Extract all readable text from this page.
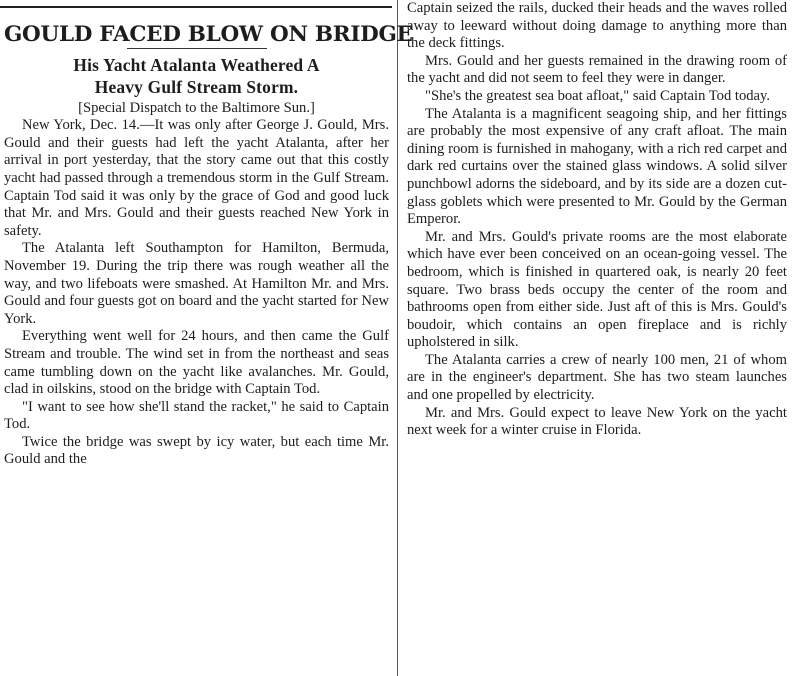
GOULD FACED BLOW ON BRIDGE
His Yacht Atalanta Weathered A
Heavy Gulf Stream Storm.
[Special Dispatch to the Baltimore Sun.]

New York, Dec. 14.—It was only after George J. Gould, Mrs. Gould and their guests had left the yacht Atalanta, after her arrival in port yesterday, that the story came out that this costly yacht had passed through a tremendous storm in the Gulf Stream. Captain Tod said it was only by the grace of God and good luck that Mr. and Mrs. Gould and their guests reached New York in safety.

The Atalanta left Southampton for Hamilton, Bermuda, November 19. During the trip there was rough weather all the way, and two lifeboats were smashed. At Hamilton Mr. and Mrs. Gould and four guests got on board and the yacht started for New York.

Everything went well for 24 hours, and then came the Gulf Stream and trouble. The wind set in from the northeast and seas came tumbling down on the yacht like avalanches. Mr. Gould, clad in oilskins, stood on the bridge with Captain Tod.

"I want to see how she'll stand the racket," he said to Captain Tod.

Twice the bridge was swept by icy water, but each time Mr. Gould and the

Captain seized the rails, ducked their heads and the waves rolled away to leeward without doing damage to anything more than the deck fittings.

Mrs. Gould and her guests remained in the drawing room of the yacht and did not seem to feel they were in danger.

"She's the greatest sea boat afloat," said Captain Tod today.

The Atalanta is a magnificent seagoing ship, and her fittings are probably the most expensive of any craft afloat. The main dining room is furnished in mahogany, with a rich red carpet and dark red curtains over the stained glass windows. A solid silver punchbowl adorns the sideboard, and by its side are a dozen cut-glass goblets which were presented to Mr. Gould by the German Emperor.

Mr. and Mrs. Gould's private rooms are the most elaborate which have ever been conceived on an ocean-going vessel. The bedroom, which is finished in quartered oak, is nearly 20 feet square. Two brass beds occupy the center of the room and bathrooms open from either side. Just aft of this is Mrs. Gould's boudoir, which contains an open fireplace and is richly upholstered in silk.

The Atalanta carries a crew of nearly 100 men, 21 of whom are in the engineer's department. She has two steam launches and one propelled by electricity.

Mr. and Mrs. Gould expect to leave New York on the yacht next week for a winter cruise in Florida.
